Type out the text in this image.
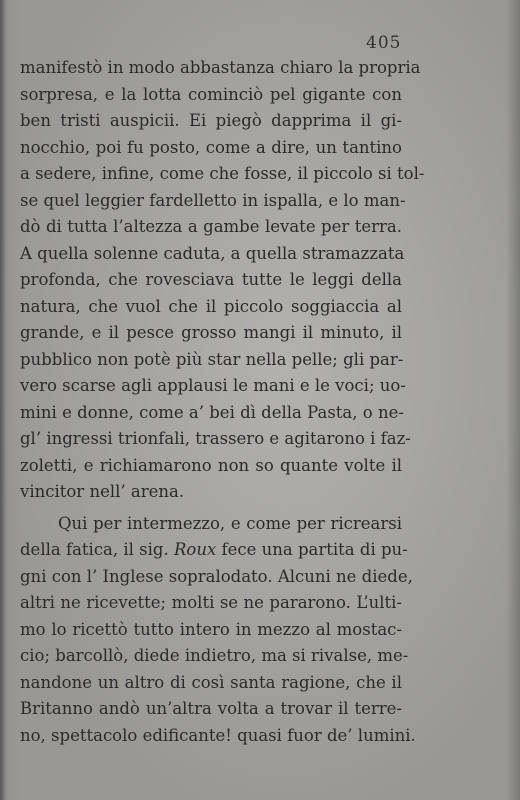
405
manifestò in modo abbastanza chiaro la propria
sorpresa, e la lotta cominciò pel gigante con
ben tristi auspicii. Ei piegò dapprima il gi-
nocchio, poi fu posto, come a dire, un tantino
a sedere, infine, come che fosse, il piccolo si tol-
se quel leggier fardelletto in ispalla, e lo man-
dò di tutta l’altezza a gambe levate per terra.
A quella solenne caduta, a quella stramazzata
profonda, che rovesciava tutte le leggi della
natura, che vuol che il piccolo soggiaccia al
grande, e il pesce grosso mangi il minuto, il
pubblico non potè più star nella pelle; gli par-
vero scarse agli applausi le mani e le voci; uo-
mini e donne, come a’ bei dì della Pasta, o ne-
gl’ ingressi trionfali, trassero e agitarono i faz-
zoletti, e richiamarono non so quante volte il
vincitor nell’ arena.
Qui per intermezzo, e come per ricrearsi
della fatica, il sig. Roux fece una partita di pu-
gni con l’ Inglese sopralodato. Alcuni ne diede,
altri ne ricevette; molti se ne pararono. L’ulti-
mo lo ricettò tutto intero in mezzo al mostac-
cio; barcollò, diede indietro, ma si rivalse, me-
nandone un altro di così santa ragione, che il
Britanno andò un’altra volta a trovar il terre-
no, spettacolo edificante! quasi fuor de’ lumini.
